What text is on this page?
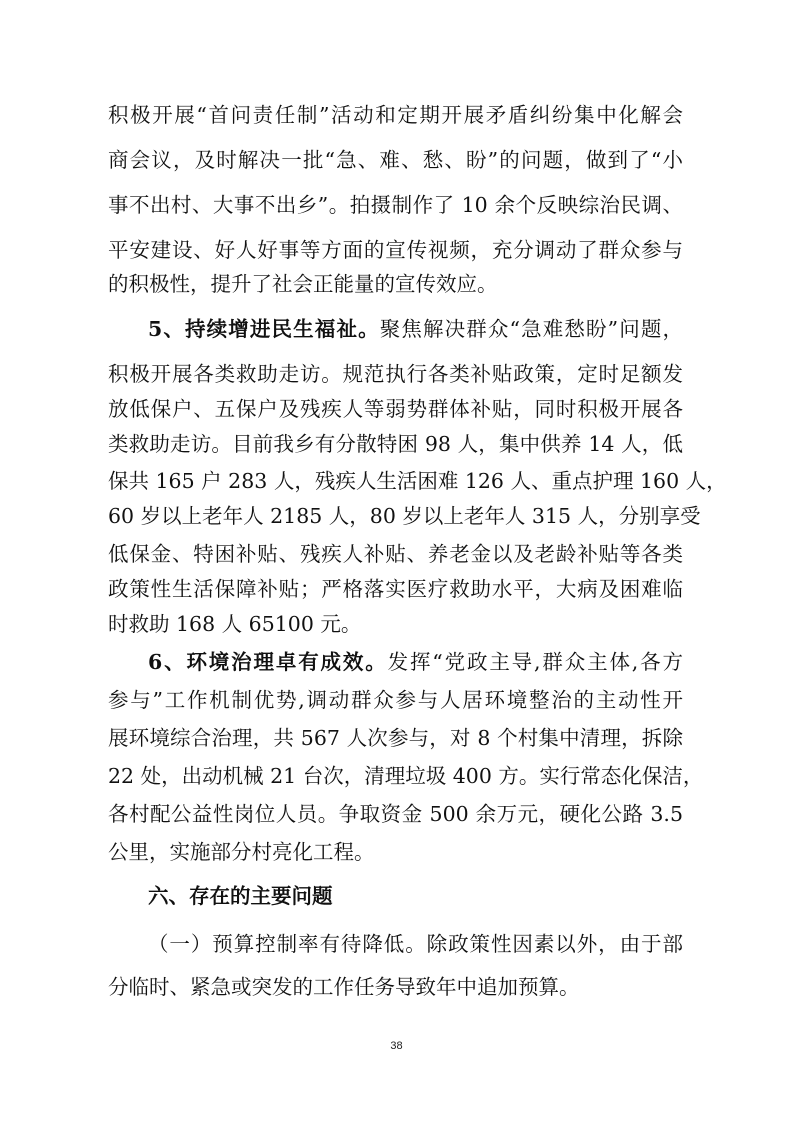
积极开展“首问责任制”活动和定期开展矛盾纠纷集中化解会
商会议，及时解决一批“急、难、愁、盼”的问题，做到了“小
事不出村、大事不出乡”。拍摄制作了 10 余个反映综治民调、
平安建设、好人好事等方面的宣传视频，充分调动了群众参与
的积极性，提升了社会正能量的宣传效应。
5、持续增进民生福祉。聚焦解决群众“急难愁盼”问题，
积极开展各类救助走访。规范执行各类补贴政策，定时足额发
放低保户、五保户及残疾人等弱势群体补贴，同时积极开展各
类救助走访。目前我乡有分散特困 98 人，集中供养 14 人，低
保共 165 户 283 人，残疾人生活困难 126 人、重点护理 160 人，
60 岁以上老年人 2185 人，80 岁以上老年人 315 人，分别享受
低保金、特困补贴、残疾人补贴、养老金以及老龄补贴等各类
政策性生活保障补贴；严格落实医疗救助水平，大病及困难临
时救助 168 人 65100 元。
6、环境治理卓有成效。发挥“党政主导,群众主体,各方
参与”工作机制优势,调动群众参与人居环境整治的主动性开
展环境综合治理，共 567 人次参与，对 8 个村集中清理，拆除
22 处，出动机械 21 台次，清理垃圾 400 方。实行常态化保洁，
各村配公益性岗位人员。争取资金 500 余万元，硬化公路 3.5
公里，实施部分村亮化工程。
六、存在的主要问题
（一）预算控制率有待降低。除政策性因素以外，由于部
分临时、紧急或突发的工作任务导致年中追加预算。
38
